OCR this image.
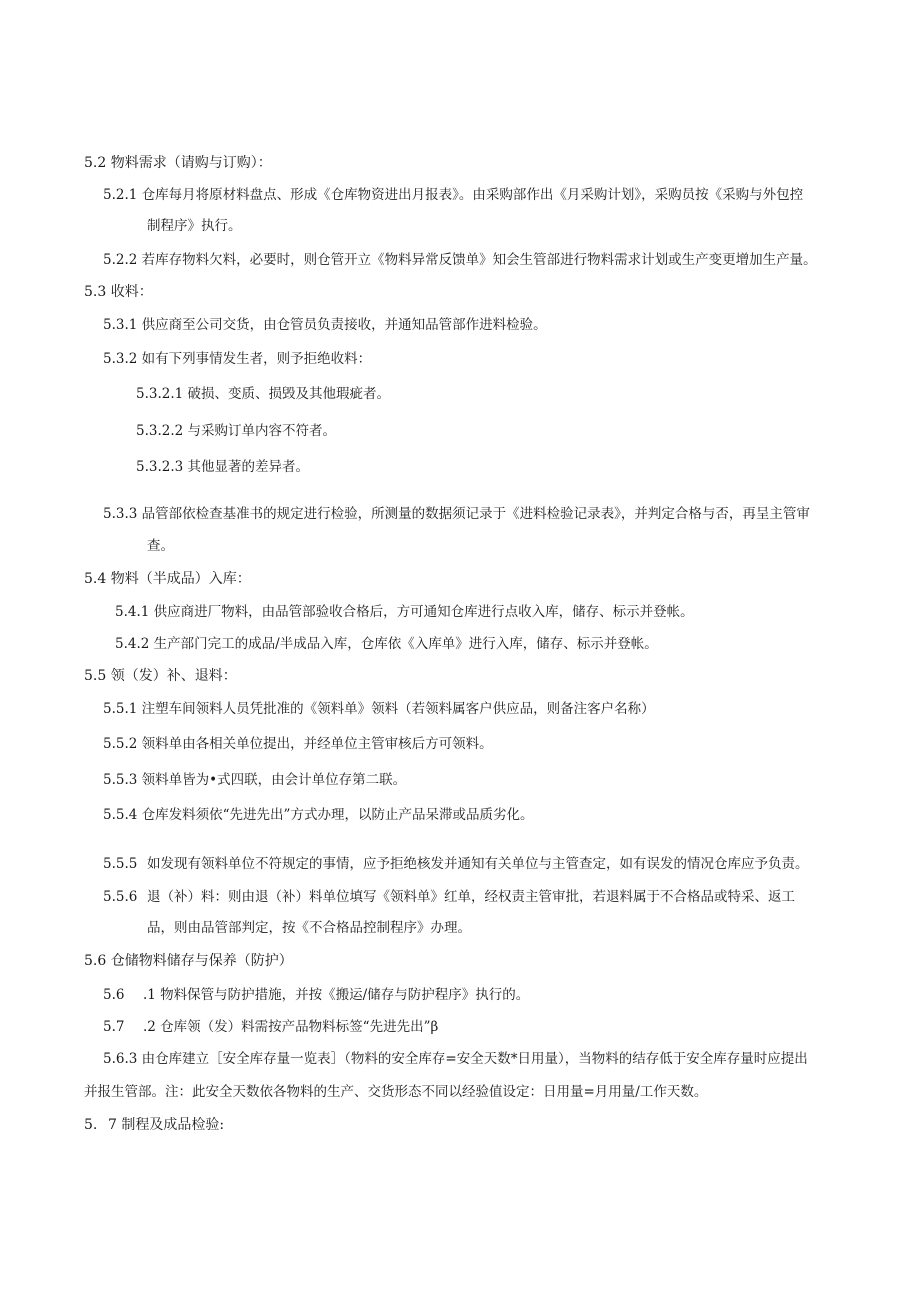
5.2 物料需求（请购与订购）：
5.2.1 仓库每月将原材料盘点、形成《仓库物资进出月报表》。由采购部作出《月采购计划》，采购员按《采购与外包控
制程序》执行。
5.2.2 若库存物料欠料，必要时，则仓管开立《物料异常反馈单》知会生管部进行物料需求计划或生产变更增加生产量。
5.3 收料：
5.3.1 供应商至公司交货，由仓管员负责接收，并通知品管部作进料检验。
5.3.2 如有下列事情发生者，则予拒绝收料：
5.3.2.1 破损、变质、损毁及其他瑕疵者。
5.3.2.2 与采购订单内容不符者。
5.3.2.3 其他显著的差异者。
5.3.3 品管部依检查基准书的规定进行检验，所测量的数据须记录于《进料检验记录表》，并判定合格与否，再呈主管审
查。
5.4 物料（半成品）入库：
5.4.1 供应商进厂物料，由品管部验收合格后，方可通知仓库进行点收入库，储存、标示并登帐。
5.4.2 生产部门完工的成品/半成品入库，仓库依《入库单》进行入库，储存、标示并登帐。
5.5 领（发）补、退料：
5.5.1 注塑车间领料人员凭批准的《领料单》领料（若领料属客户供应品，则备注客户名称）
5.5.2 领料单由各相关单位提出，并经单位主管审核后方可领料。
5.5.3 领料单皆为•式四联，由会计单位存第二联。
5.5.4 仓库发料须依“先进先出”方式办理，以防止产品呆滞或品质劣化。
5.5.5 如发现有领料单位不符规定的事情，应予拒绝核发并通知有关单位与主管查定，如有误发的情况仓库应予负责。
5.5.6 退（补）料：则由退（补）料单位填写《领料单》红单，经权责主管审批，若退料属于不合格品或特采、返工
品，则由品管部判定，按《不合格品控制程序》办理。
5.6 仓储物料储存与保养（防护）
5.6 .1 物料保管与防护措施，并按《搬运/储存与防护程序》执行的。
5.7 .2 仓库领（发）料需按产品物料标签“先进先出”β
5.6.3 由仓库建立［安全库存量一览表］（物料的安全库存=安全天数*日用量），当物料的结存低于安全库存量时应提出
并报生管部。注：此安全天数依各物料的生产、交货形态不同以经验值设定：日用量=月用量/工作天数。
5. 7 制程及成品检验:
